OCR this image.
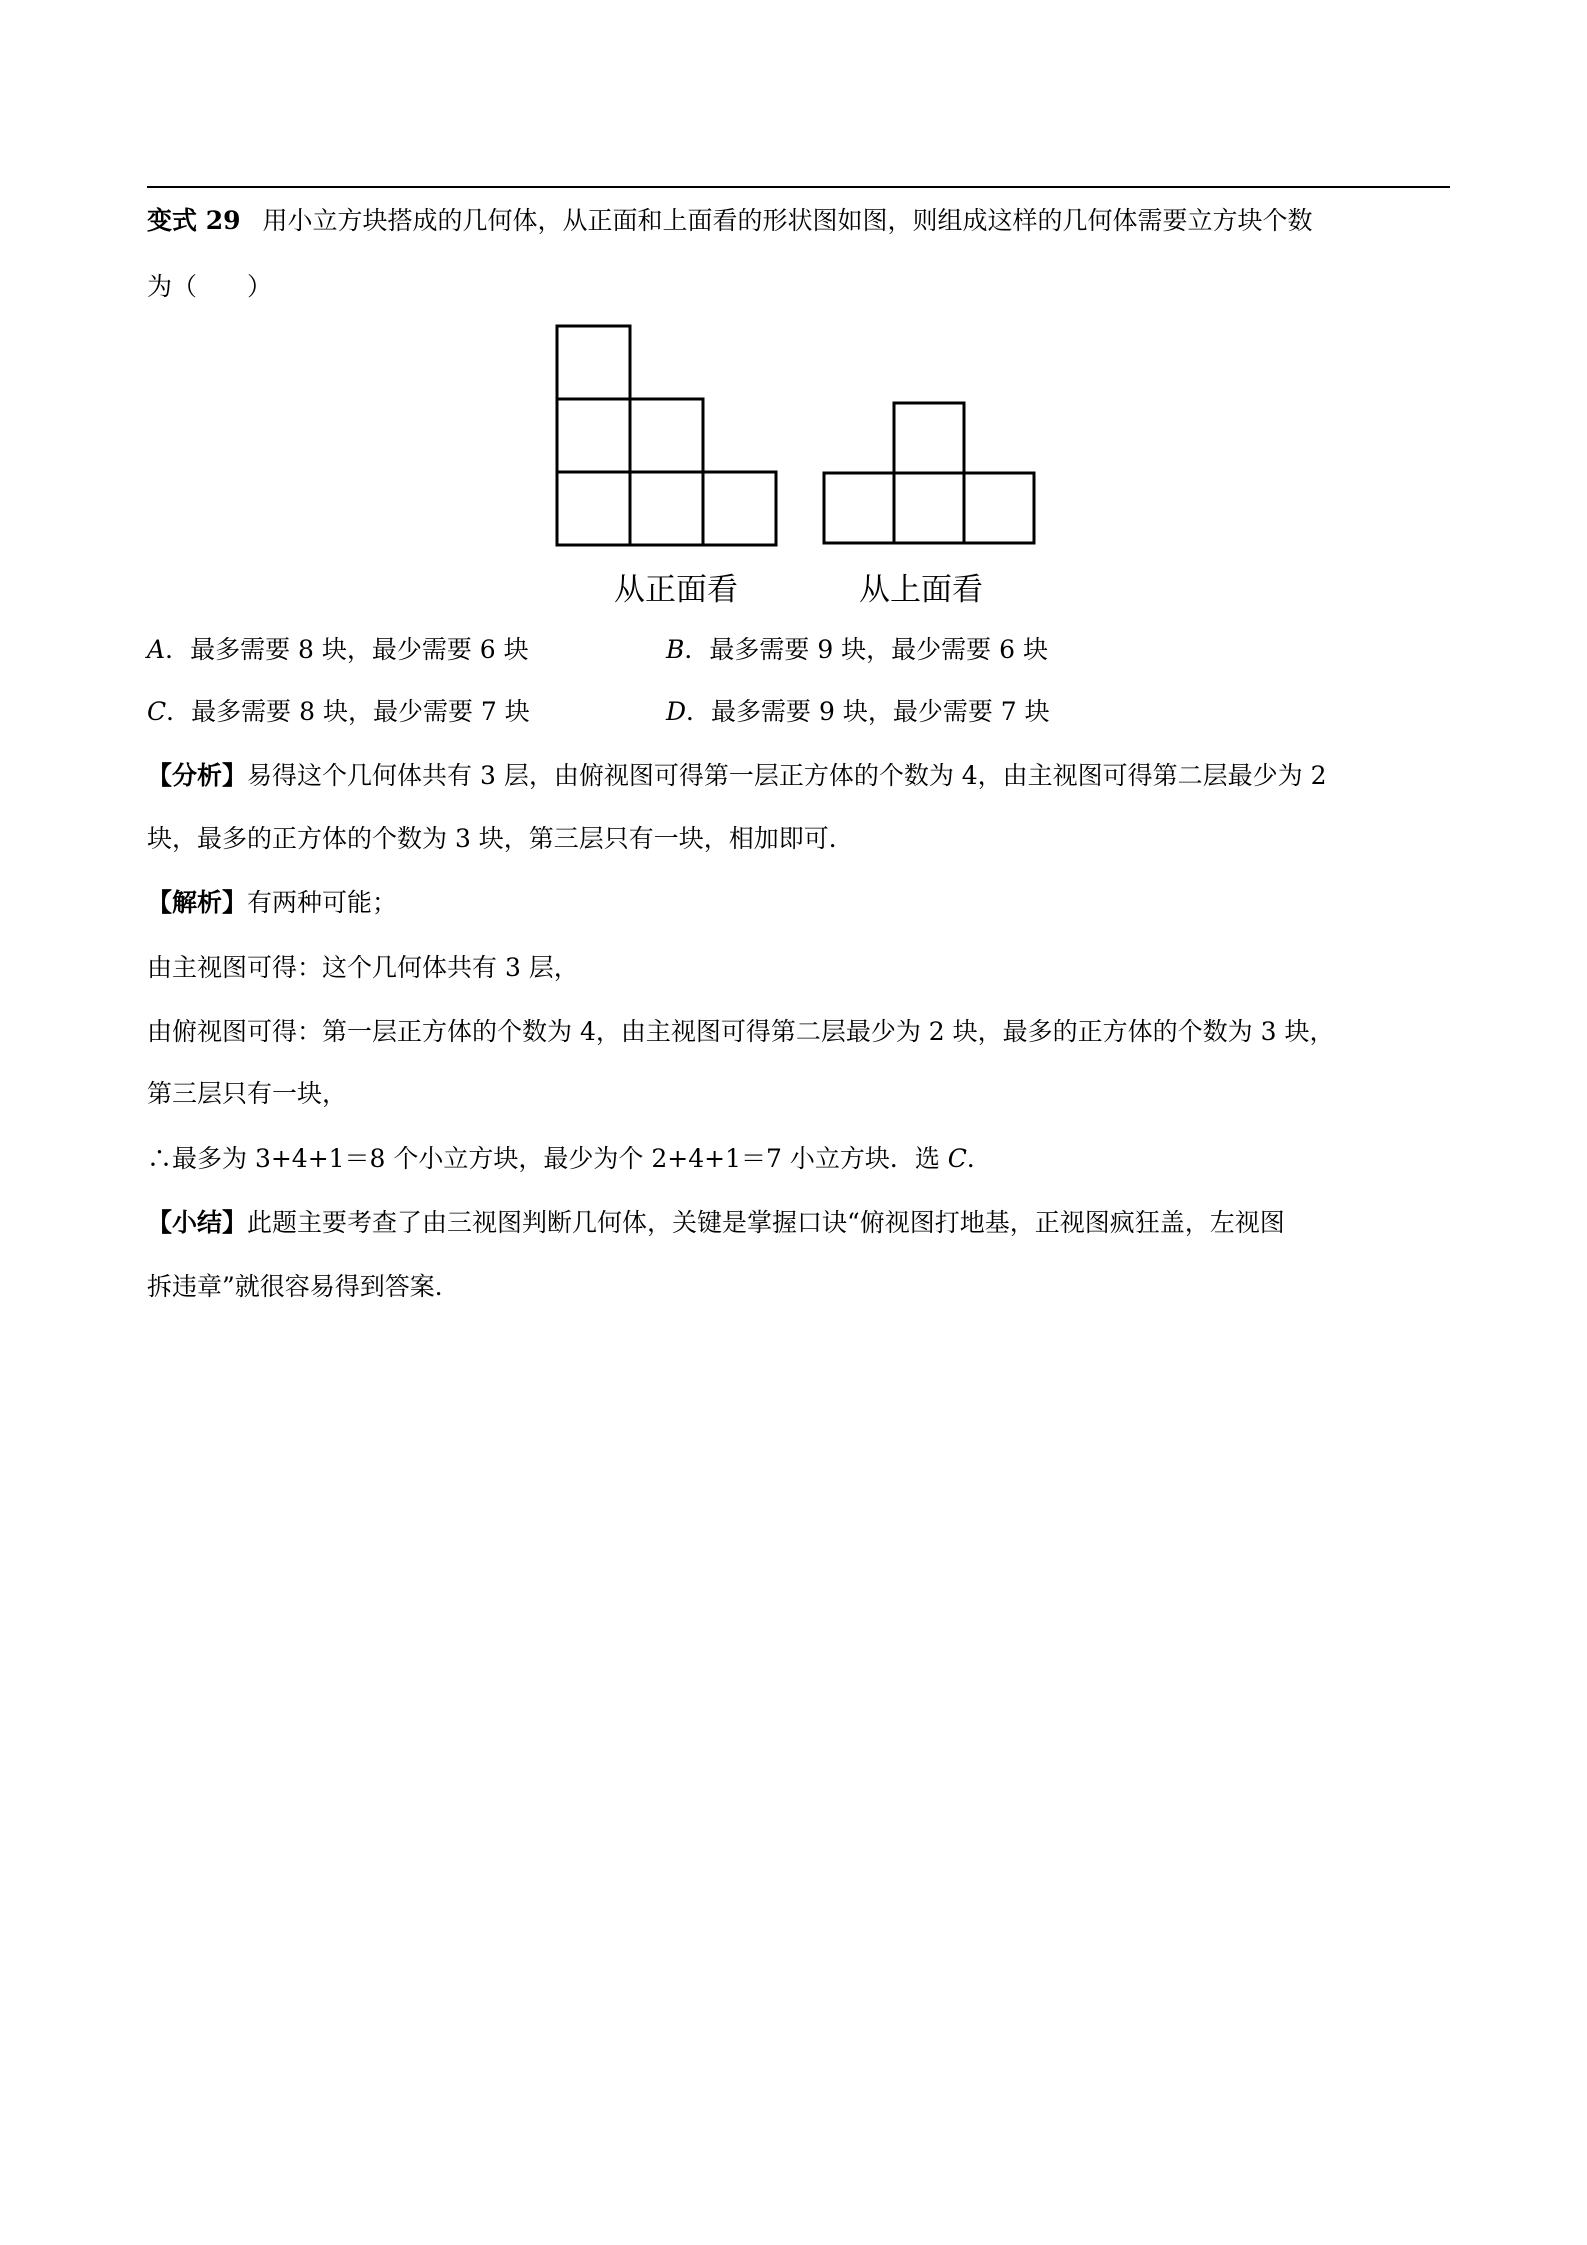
变式 29 用小立方块搭成的几何体，从正面和上面看的形状图如图，则组成这样的几何体需要立方块个数
为（　　）
从正面看	从上面看
A．最多需要 8 块，最少需要 6 块	B．最多需要 9 块，最少需要 6 块
C．最多需要 8 块，最少需要 7 块	D．最多需要 9 块，最少需要 7 块
【分析】易得这个几何体共有 3 层，由俯视图可得第一层正方体的个数为 4，由主视图可得第二层最少为 2
块，最多的正方体的个数为 3 块，第三层只有一块，相加即可．
【解析】有两种可能；
由主视图可得：这个几何体共有 3 层，
由俯视图可得：第一层正方体的个数为 4，由主视图可得第二层最少为 2 块，最多的正方体的个数为 3 块，
第三层只有一块，
∴最多为 3+4+1＝8 个小立方块，最少为个 2+4+1＝7 小立方块．选 C．
【小结】此题主要考查了由三视图判断几何体，关键是掌握口诀“俯视图打地基，正视图疯狂盖，左视图
拆违章”就很容易得到答案．
